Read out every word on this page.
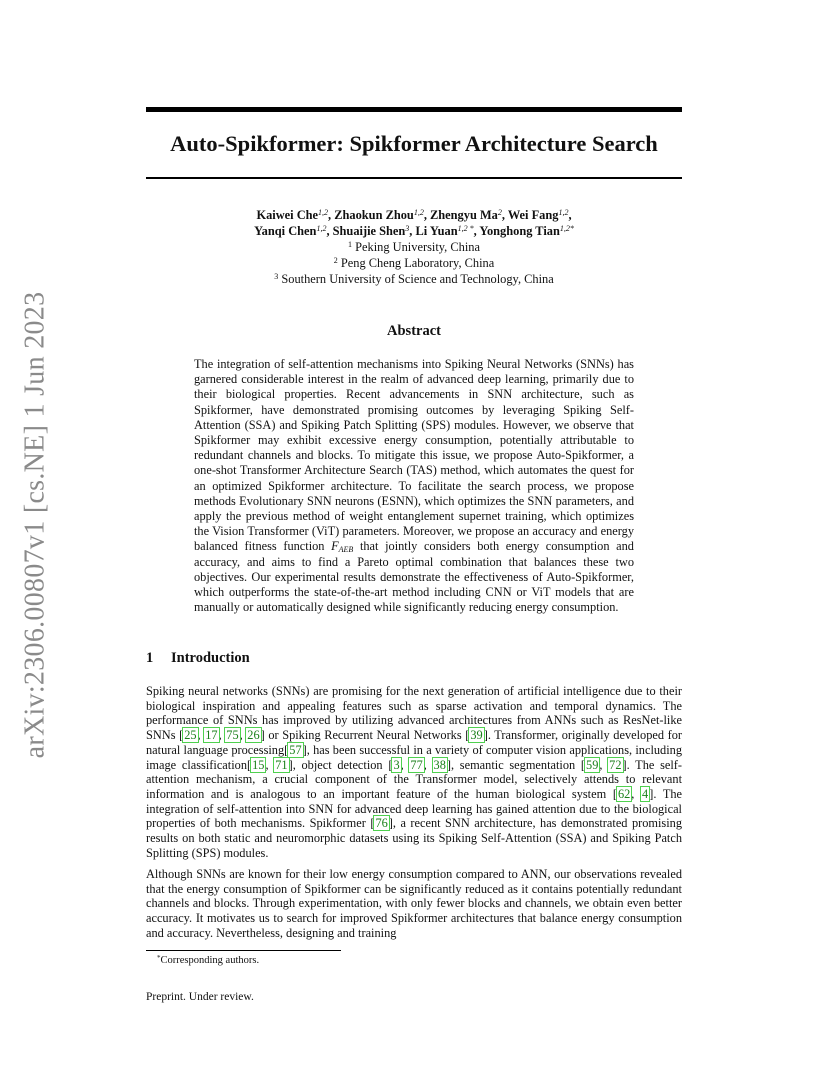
arXiv:2306.00807v1 [cs.NE] 1 Jun 2023
Auto-Spikformer: Spikformer Architecture Search
Kaiwei Che$^{1,2}$, Zhaokun Zhou$^{1,2}$, Zhengyu Ma$^2$, Wei Fang$^{1,2}$,
Yanqi Chen$^{1,2}$, Shuaijie Shen$^3$, Li Yuan$^{1,2 *}$, Yonghong Tian$^{1,2*}$
$^1$ Peking University, China
$^2$ Peng Cheng Laboratory, China
$^3$ Southern University of Science and Technology, China
Abstract
The integration of self-attention mechanisms into Spiking Neural Networks (SNNs) has garnered considerable interest in the realm of advanced deep learning, primarily due to their biological properties. Recent advancements in SNN architecture, such as Spikformer, have demonstrated promising outcomes by leveraging Spiking Self-Attention (SSA) and Spiking Patch Splitting (SPS) modules. However, we observe that Spikformer may exhibit excessive energy consumption, potentially attributable to redundant channels and blocks. To mitigate this issue, we propose Auto-Spikformer, a one-shot Transformer Architecture Search (TAS) method, which automates the quest for an optimized Spikformer architecture. To facilitate the search process, we propose methods Evolutionary SNN neurons (ESNN), which optimizes the SNN parameters, and apply the previous method of weight entanglement supernet training, which optimizes the Vision Transformer (ViT) parameters. Moreover, we propose an accuracy and energy balanced fitness function $F_{AEB}$ that jointly considers both energy consumption and accuracy, and aims to find a Pareto optimal combination that balances these two objectives. Our experimental results demonstrate the effectiveness of Auto-Spikformer, which outperforms the state-of-the-art method including CNN or ViT models that are manually or automatically designed while significantly reducing energy consumption.
1 Introduction
Spiking neural networks (SNNs) are promising for the next generation of artificial intelligence due to their biological inspiration and appealing features such as sparse activation and temporal dynamics. The performance of SNNs has improved by utilizing advanced architectures from ANNs such as ResNet-like SNNs [25, 17, 75, 26] or Spiking Recurrent Neural Networks [39]. Transformer, originally developed for natural language processing[57], has been successful in a variety of computer vision applications, including image classification[15, 71], object detection [3, 77, 38], semantic segmentation [59, 72]. The self-attention mechanism, a crucial component of the Transformer model, selectively attends to relevant information and is analogous to an important feature of the human biological system [62, 4]. The integration of self-attention into SNN for advanced deep learning has gained attention due to the biological properties of both mechanisms. Spikformer [76], a recent SNN architecture, has demonstrated promising results on both static and neuromorphic datasets using its Spiking Self-Attention (SSA) and Spiking Patch Splitting (SPS) modules.
Although SNNs are known for their low energy consumption compared to ANN, our observations revealed that the energy consumption of Spikformer can be significantly reduced as it contains potentially redundant channels and blocks. Through experimentation, with only fewer blocks and channels, we obtain even better accuracy. It motivates us to search for improved Spikformer architectures that balance energy consumption and accuracy. Nevertheless, designing and training
*Corresponding authors.
Preprint. Under review.
